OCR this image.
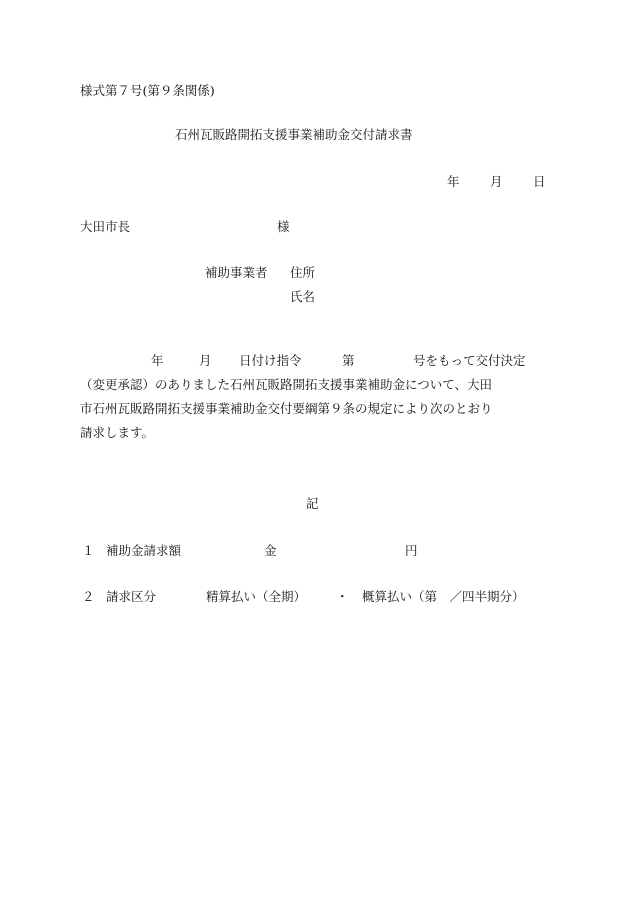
様式第７号(第９条関係)
石州瓦販路開拓支援事業補助金交付請求書
年 月 日
大田市長	様
補助事業者 住所
氏名
年	月 日付け指令	第	号をもって交付決定
（変更承認）のありました石州瓦販路開拓支援事業補助金について、大田
市石州瓦販路開拓支援事業補助金交付要綱第９条の規定により次のとおり
請求します。
記
１ 補助金請求額	金	円
２ 請求区分	精算払い（全期） ・ 概算払い（第　／四半期分）
